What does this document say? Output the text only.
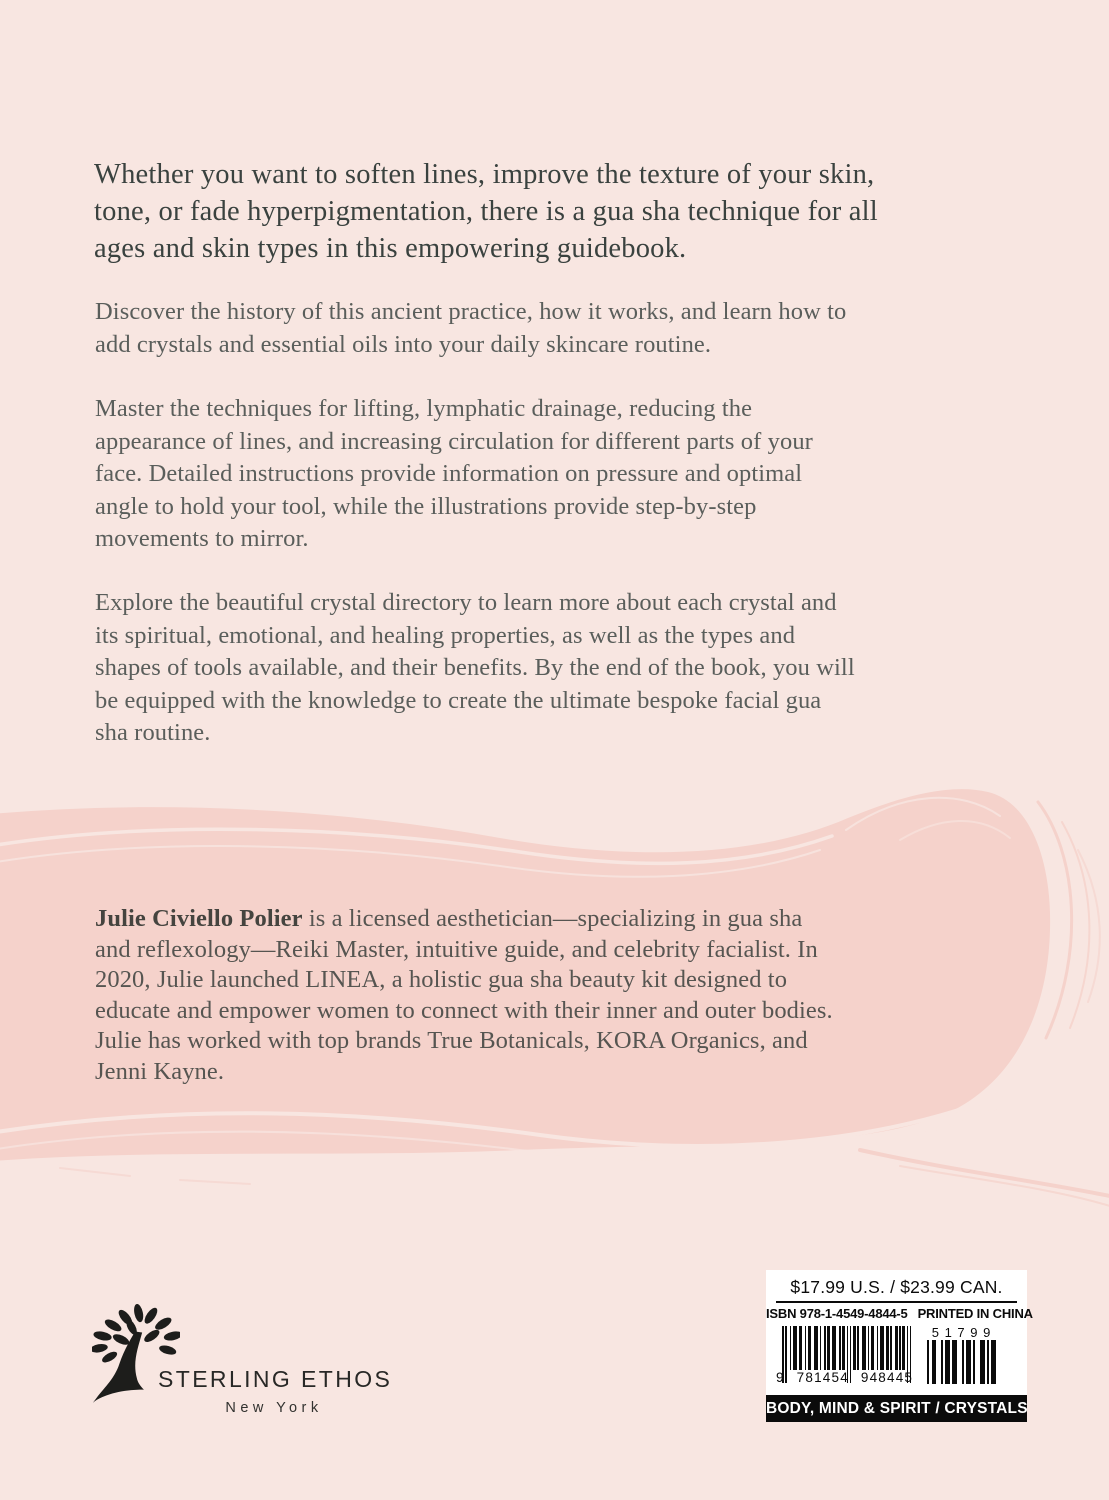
Whether you want to soften lines, improve the texture of your skin, tone, or fade hyperpigmentation, there is a gua sha technique for all ages and skin types in this empowering guidebook.
Discover the history of this ancient practice, how it works, and learn how to add crystals and essential oils into your daily skincare routine.
Master the techniques for lifting, lymphatic drainage, reducing the appearance of lines, and increasing circulation for different parts of your face. Detailed instructions provide information on pressure and optimal angle to hold your tool, while the illustrations provide step-by-step movements to mirror.
Explore the beautiful crystal directory to learn more about each crystal and its spiritual, emotional, and healing properties, as well as the types and shapes of tools available, and their benefits. By the end of the book, you will be equipped with the knowledge to create the ultimate bespoke facial gua sha routine.
Julie Civiello Polier is a licensed aesthetician—specializing in gua sha and reflexology—Reiki Master, intuitive guide, and celebrity facialist. In 2020, Julie launched LINEA, a holistic gua sha beauty kit designed to educate and empower women to connect with their inner and outer bodies. Julie has worked with top brands True Botanicals, KORA Organics, and Jenni Kayne.
STERLING ETHOS
New York
$17.99 U.S. / $23.99 CAN.
ISBN 978-1-4549-4844-5 PRINTED IN CHINA
9 781454 948445
5 1 7 9 9
BODY, MIND & SPIRIT / CRYSTALS
